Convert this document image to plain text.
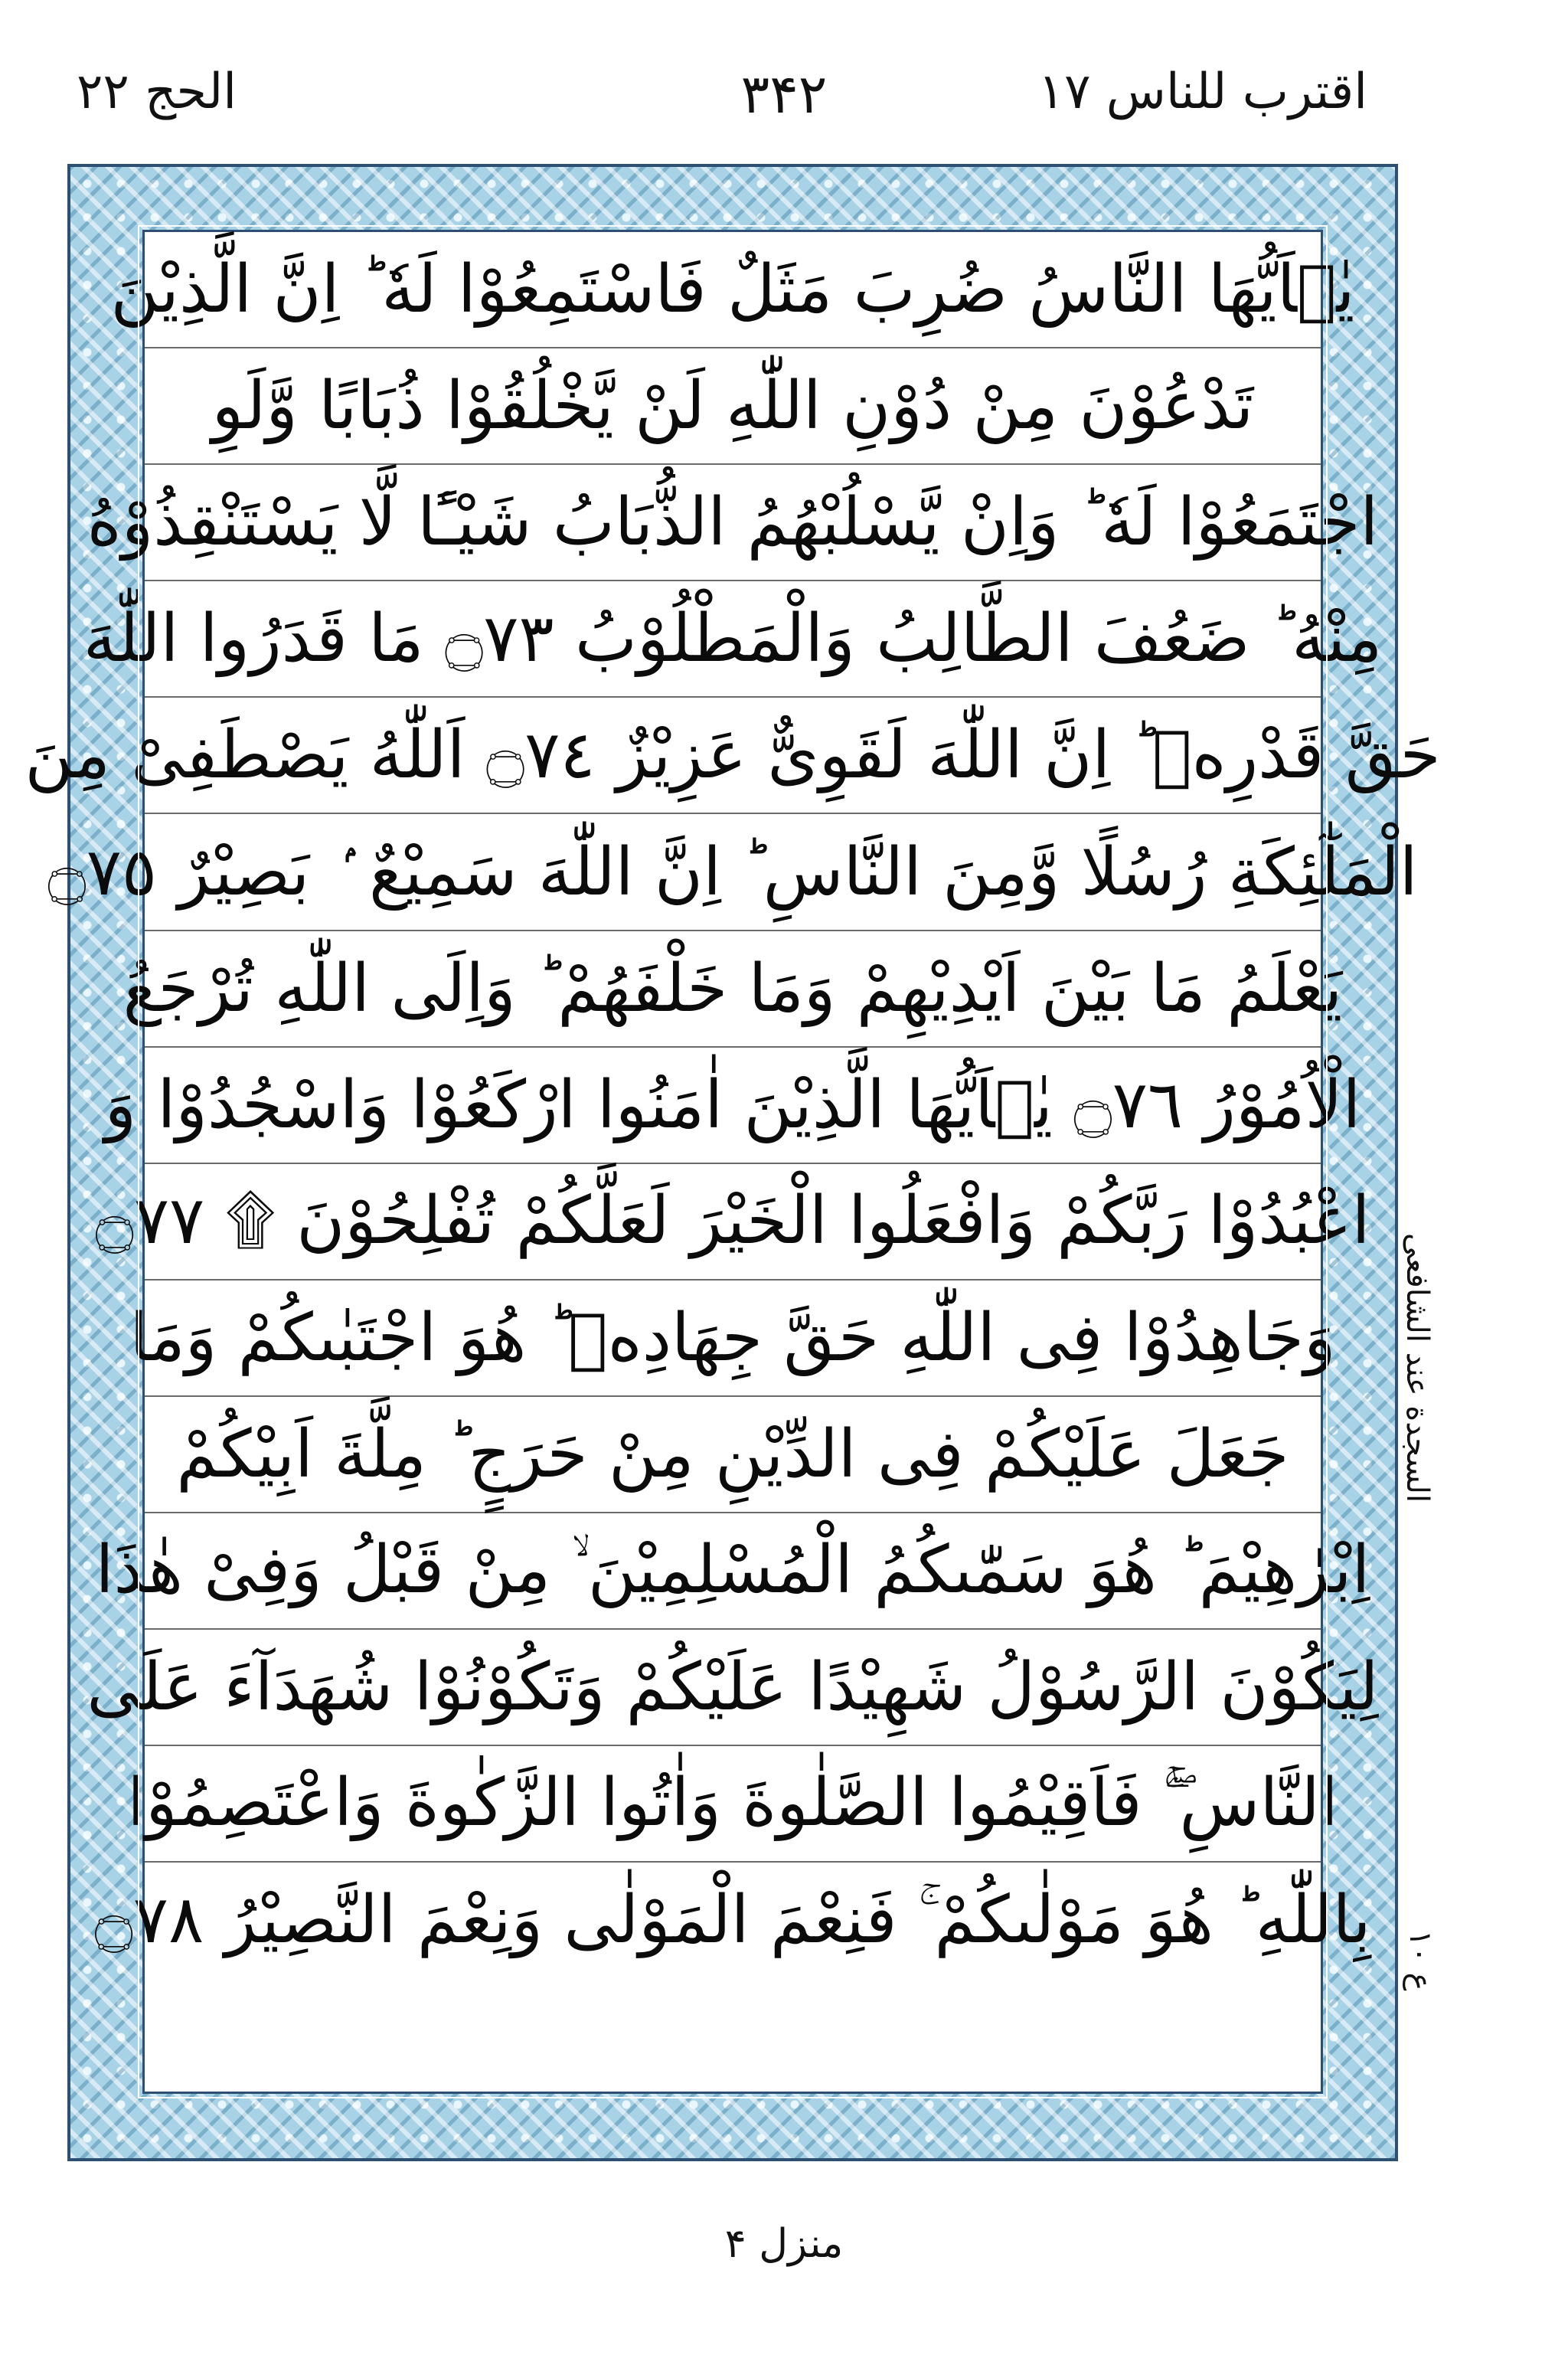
اقترب للناس ١٧
۳۴۲
الحج ۲۲
يٰۤاَيُّهَا النَّاسُ ضُرِبَ مَثَلٌ فَاسْتَمِعُوْا لَهٗ ؕ اِنَّ الَّذِيْنَ
تَدْعُوْنَ مِنْ دُوْنِ اللّٰهِ لَنْ يَّخْلُقُوْا ذُبَابًا وَّلَوِ
اجْتَمَعُوْا لَهٗ ؕ وَاِنْ يَّسْلُبْهُمُ الذُّبَابُ شَيْـًٔا لَّا يَسْتَنْقِذُوْهُ
مِنْهُ ؕ ضَعُفَ الطَّالِبُ وَالْمَطْلُوْبُ ۝٧٣ مَا قَدَرُوا اللّٰهَ
حَقَّ قَدْرِهٖ ؕ اِنَّ اللّٰهَ لَقَوِىٌّ عَزِيْزٌ ۝٧٤ اَللّٰهُ يَصْطَفِىْ مِنَ
الْمَلٰٓئِكَةِ رُسُلًا وَّمِنَ النَّاسِ ؕ اِنَّ اللّٰهَ سَمِيْعٌ ۢ بَصِيْرٌ ۝٧٥
يَعْلَمُ مَا بَيْنَ اَيْدِيْهِمْ وَمَا خَلْفَهُمْ ؕ وَاِلَى اللّٰهِ تُرْجَعُ
الْاُمُوْرُ ۝٧٦ يٰۤاَيُّهَا الَّذِيْنَ اٰمَنُوا ارْكَعُوْا وَاسْجُدُوْا وَ
اعْبُدُوْا رَبَّكُمْ وَافْعَلُوا الْخَيْرَ لَعَلَّكُمْ تُفْلِحُوْنَ ۩ ۝٧٧
وَجَاهِدُوْا فِى اللّٰهِ حَقَّ جِهَادِهٖ ؕ هُوَ اجْتَبٰىكُمْ وَمَا
جَعَلَ عَلَيْكُمْ فِى الدِّيْنِ مِنْ حَرَجٍ ؕ مِلَّةَ اَبِيْكُمْ
اِبْرٰهِيْمَ ؕ هُوَ سَمّٰىكُمُ الْمُسْلِمِيْنَ ۙ مِنْ قَبْلُ وَفِىْ هٰذَا
لِيَكُوْنَ الرَّسُوْلُ شَهِيْدًا عَلَيْكُمْ وَتَكُوْنُوْا شُهَدَآءَ عَلَى
النَّاسِ ۖۚ فَاَقِيْمُوا الصَّلٰوةَ وَاٰتُوا الزَّكٰوةَ وَاعْتَصِمُوْا
بِاللّٰهِ ؕ هُوَ مَوْلٰىكُمْ ۚ فَنِعْمَ الْمَوْلٰى وَنِعْمَ النَّصِيْرُ ۝٧٨
السجدة عند الشافعی
ع ١٠
منزل ۴
